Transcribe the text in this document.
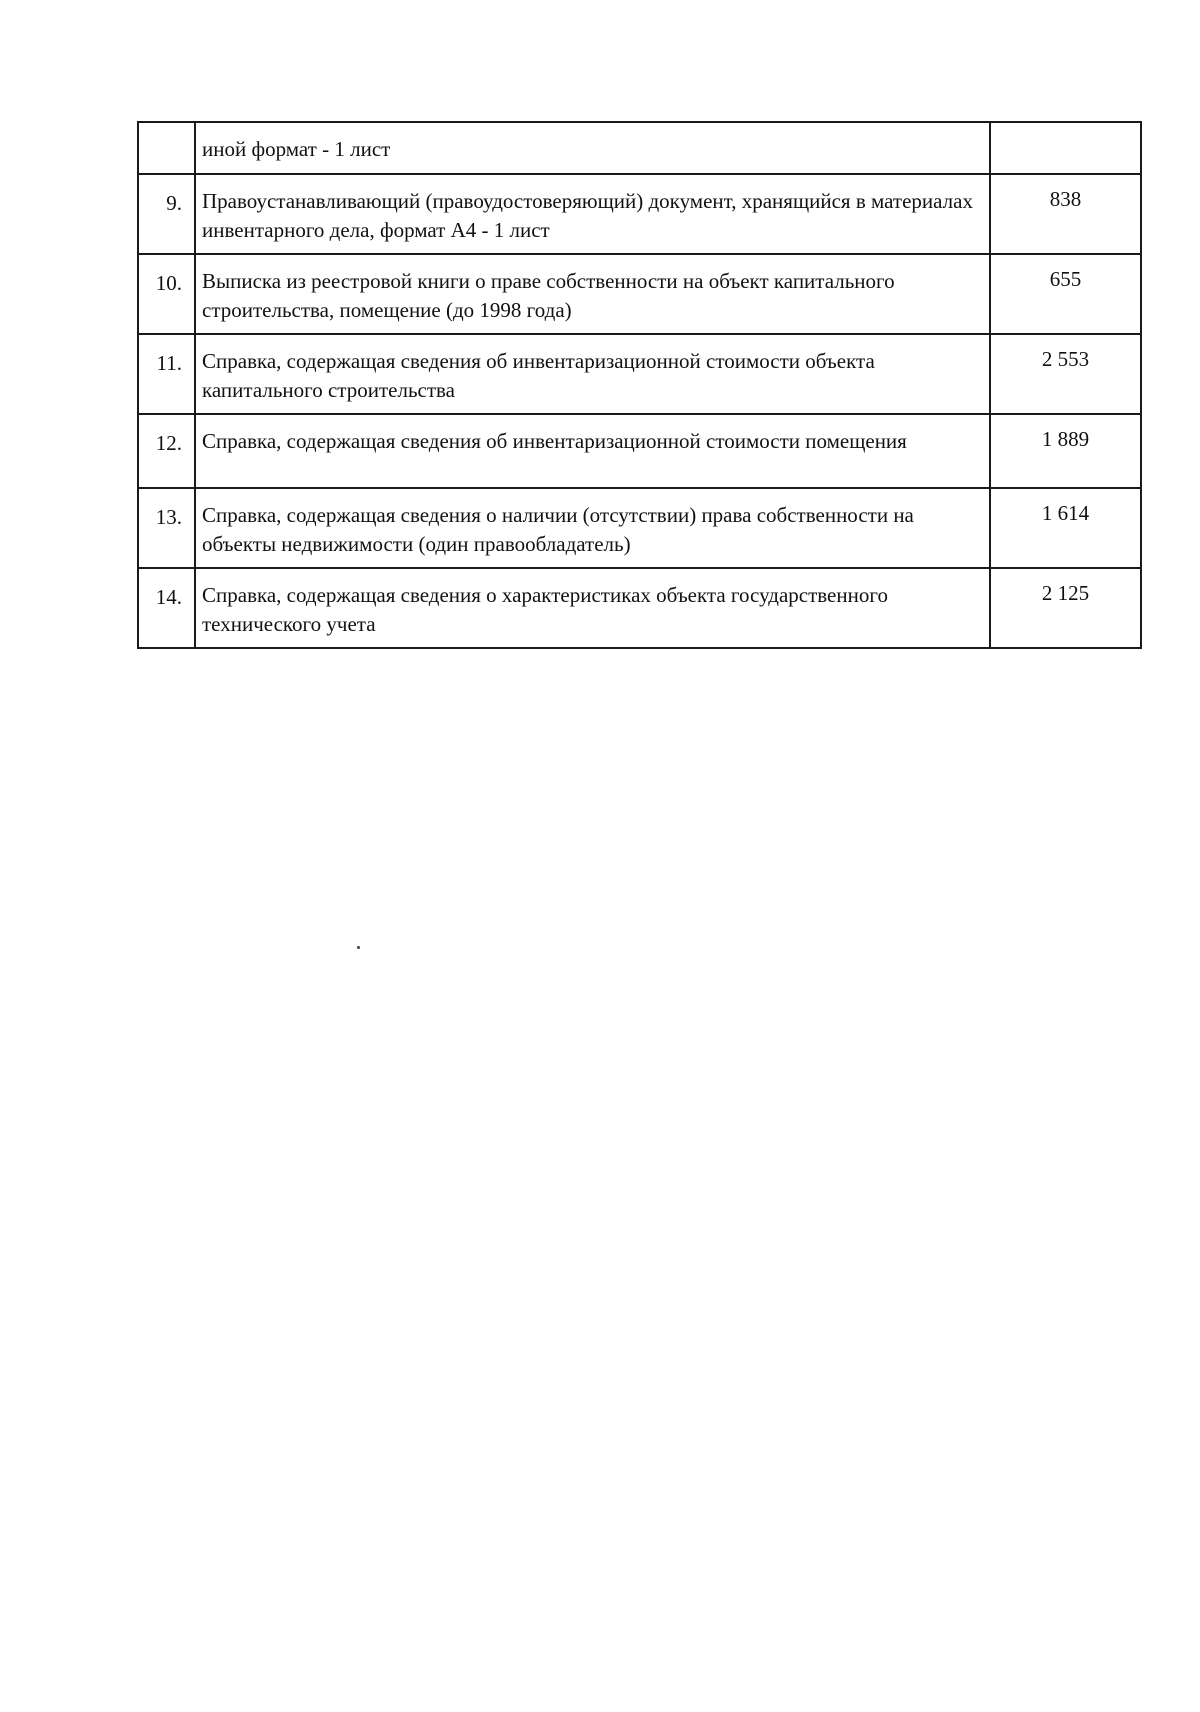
	иной формат - 1 лист	
9.	Правоустанавливающий (правоудостоверяющий) документ, хранящийся в материалах инвентарного дела, формат А4 - 1 лист	838
10.	Выписка из реестровой книги о праве собственности на объект капитального строительства, помещение (до 1998 года)	655
11.	Справка, содержащая сведения об инвентаризационной стоимости объекта капитального строительства	2 553
12.	Справка, содержащая сведения об инвентаризационной стоимости помещения	1 889
13.	Справка, содержащая сведения о наличии (отсутствии) права собственности на объекты недвижимости (один правообладатель)	1 614
14.	Справка, содержащая сведения о характеристиках объекта государственного технического учета	2 125
